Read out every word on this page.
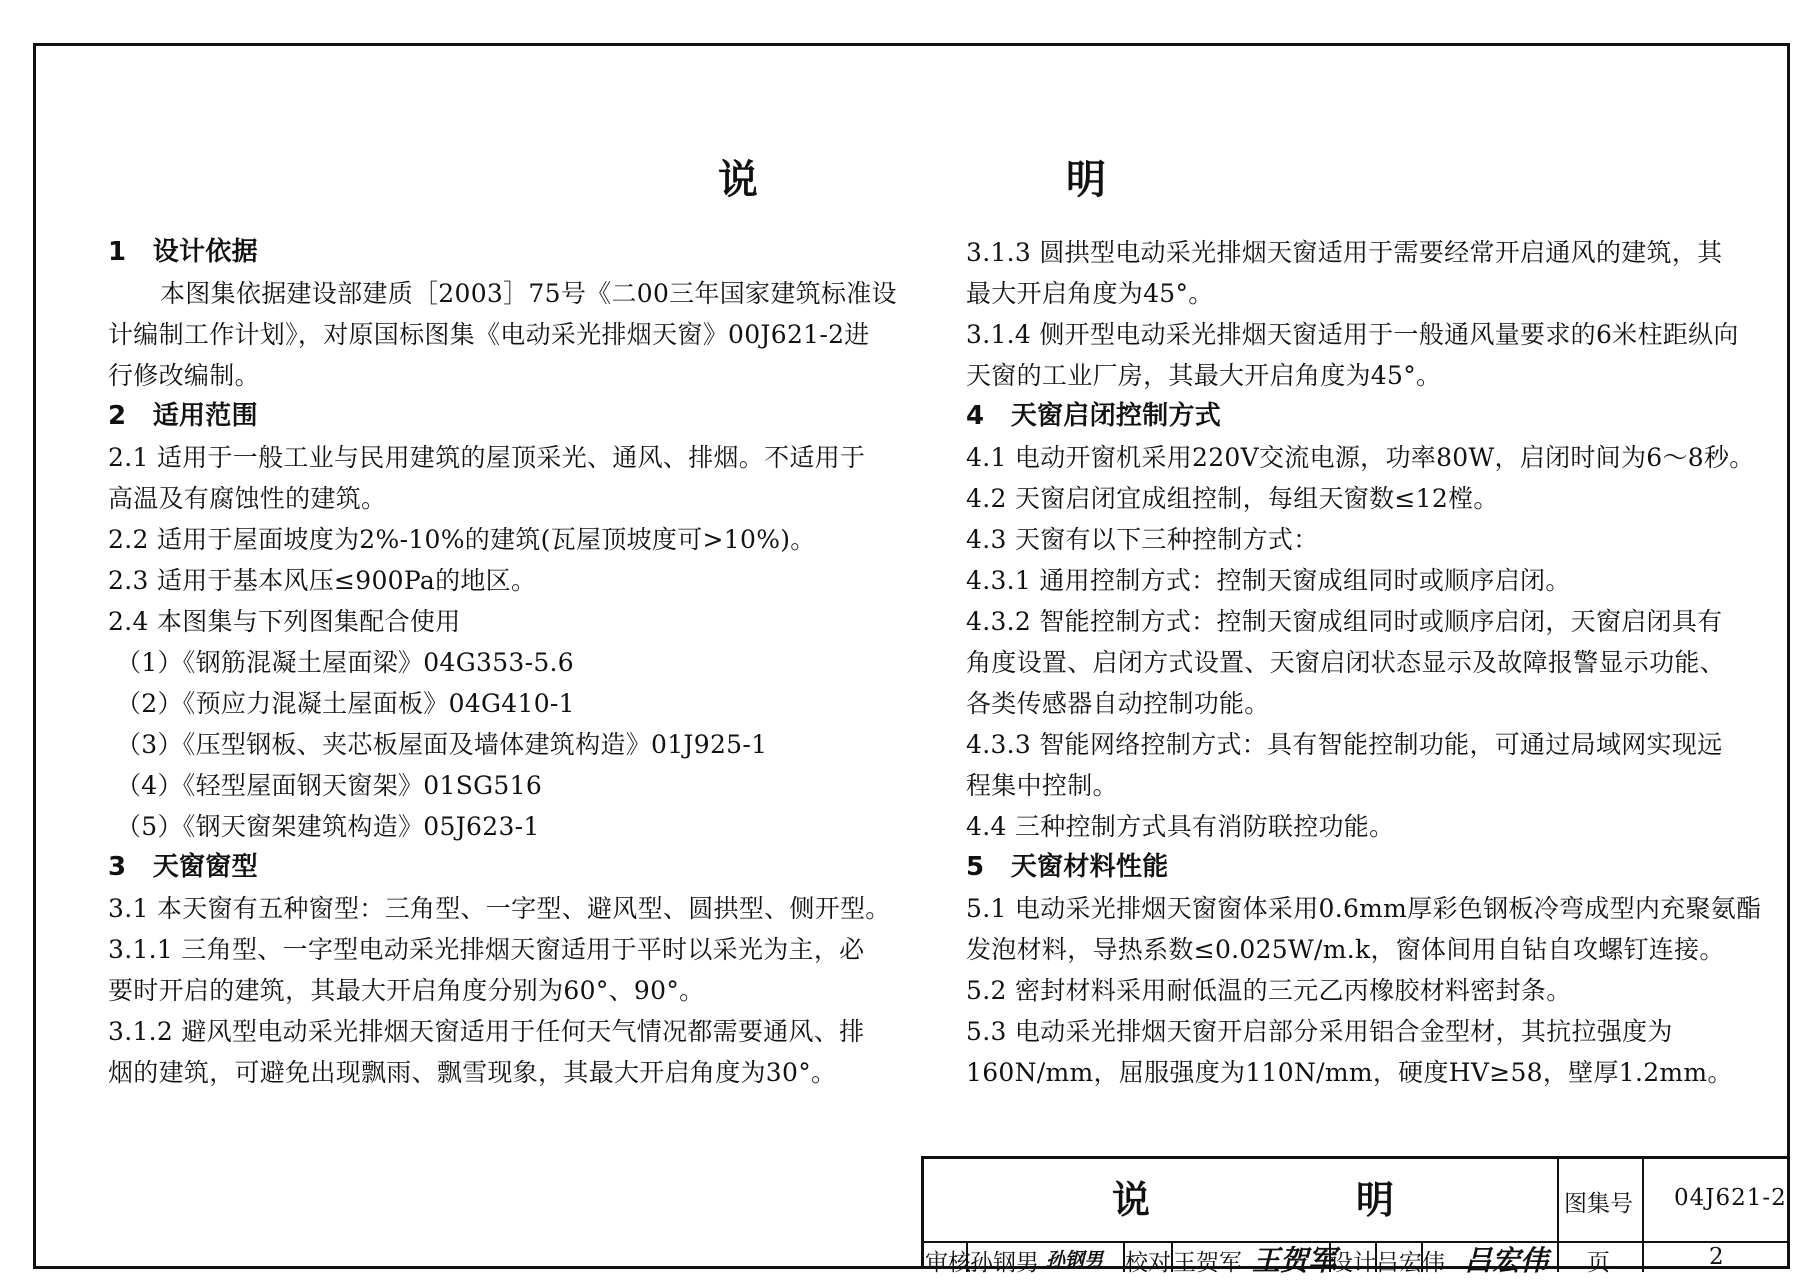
说	明
1　设计依据
本图集依据建设部建质［2003］75号《二00三年国家建筑标准设
计编制工作计划》，对原国标图集《电动采光排烟天窗》00J621-2进
行修改编制。
2　适用范围
2.1 适用于一般工业与民用建筑的屋顶采光、通风、排烟。不适用于
高温及有腐蚀性的建筑。
2.2 适用于屋面坡度为2%-10%的建筑(瓦屋顶坡度可>10%)。
2.3 适用于基本风压≤900Pa的地区。
2.4 本图集与下列图集配合使用
（1）《钢筋混凝土屋面梁》04G353-5.6
（2）《预应力混凝土屋面板》04G410-1
（3）《压型钢板、夹芯板屋面及墙体建筑构造》01J925-1
（4）《轻型屋面钢天窗架》01SG516
（5）《钢天窗架建筑构造》05J623-1
3　天窗窗型
3.1 本天窗有五种窗型：三角型、一字型、避风型、圆拱型、侧开型。
3.1.1 三角型、一字型电动采光排烟天窗适用于平时以采光为主，必
要时开启的建筑，其最大开启角度分别为60°、90°。
3.1.2 避风型电动采光排烟天窗适用于任何天气情况都需要通风、排
烟的建筑，可避免出现飘雨、飘雪现象，其最大开启角度为30°。
3.1.3 圆拱型电动采光排烟天窗适用于需要经常开启通风的建筑，其
最大开启角度为45°。
3.1.4 侧开型电动采光排烟天窗适用于一般通风量要求的6米柱距纵向
天窗的工业厂房，其最大开启角度为45°。
4　天窗启闭控制方式
4.1 电动开窗机采用220V交流电源，功率80W，启闭时间为6～8秒。
4.2 天窗启闭宜成组控制，每组天窗数≤12樘。
4.3 天窗有以下三种控制方式：
4.3.1 通用控制方式：控制天窗成组同时或顺序启闭。
4.3.2 智能控制方式：控制天窗成组同时或顺序启闭，天窗启闭具有
角度设置、启闭方式设置、天窗启闭状态显示及故障报警显示功能、
各类传感器自动控制功能。
4.3.3 智能网络控制方式：具有智能控制功能，可通过局域网实现远
程集中控制。
4.4 三种控制方式具有消防联控功能。
5　天窗材料性能
5.1 电动采光排烟天窗窗体采用0.6mm厚彩色钢板冷弯成型内充聚氨酯
发泡材料，导热系数≤0.025W/m.k，窗体间用自钻自攻螺钉连接。
5.2 密封材料采用耐低温的三元乙丙橡胶材料密封条。
5.3 电动采光排烟天窗开启部分采用铝合金型材，其抗拉强度为
160N/mm，屈服强度为110N/mm，硬度HV≥58，壁厚1.2mm。
说	明	图集号 04J621-2
审核 孙钢男 孙钢男 校对 王贺军 王贺军
设计 吕宏伟 吕宏伟 页	2
